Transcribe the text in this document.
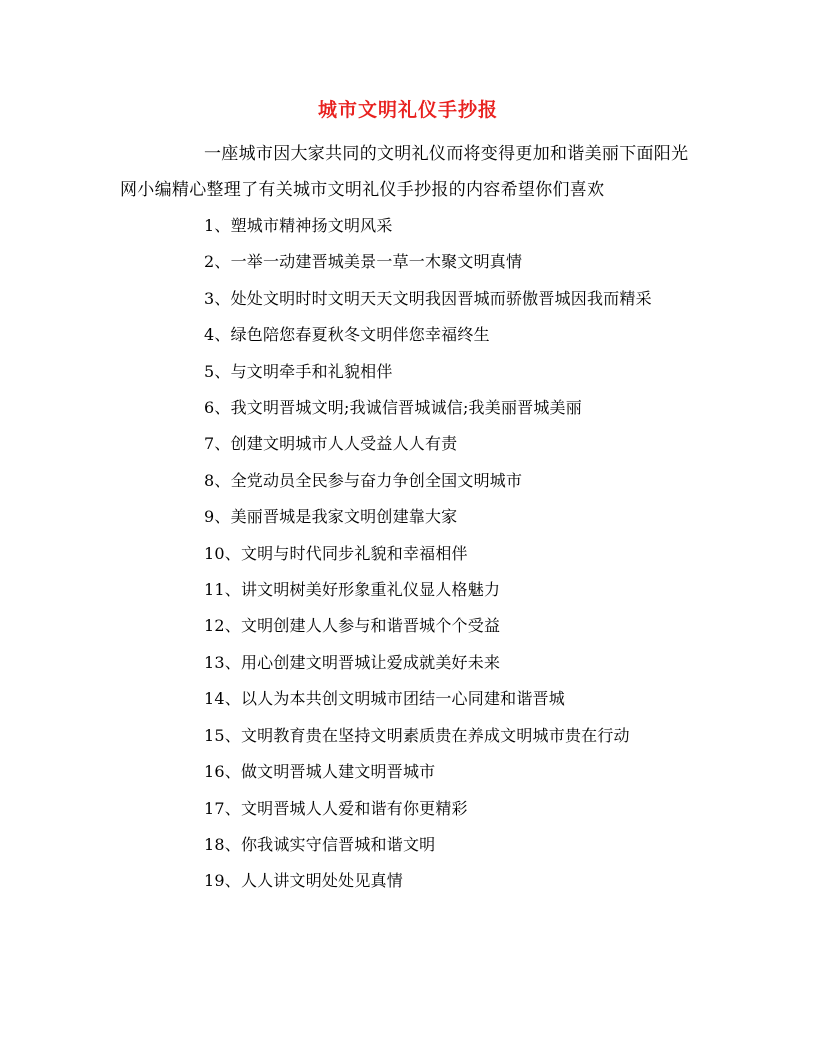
城市文明礼仪手抄报

一座城市因大家共同的文明礼仪而将变得更加和谐美丽下面阳光网小编精心整理了有关城市文明礼仪手抄报的内容希望你们喜欢

1、塑城市精神扬文明风采
2、一举一动建晋城美景一草一木聚文明真情
3、处处文明时时文明天天文明我因晋城而骄傲晋城因我而精采
4、绿色陪您春夏秋冬文明伴您幸福终生
5、与文明牵手和礼貌相伴
6、我文明晋城文明;我诚信晋城诚信;我美丽晋城美丽
7、创建文明城市人人受益人人有责
8、全党动员全民参与奋力争创全国文明城市
9、美丽晋城是我家文明创建靠大家
10、文明与时代同步礼貌和幸福相伴
11、讲文明树美好形象重礼仪显人格魅力
12、文明创建人人参与和谐晋城个个受益
13、用心创建文明晋城让爱成就美好未来
14、以人为本共创文明城市团结一心同建和谐晋城
15、文明教育贵在坚持文明素质贵在养成文明城市贵在行动
16、做文明晋城人建文明晋城市
17、文明晋城人人爱和谐有你更精彩
18、你我诚实守信晋城和谐文明
19、人人讲文明处处见真情
